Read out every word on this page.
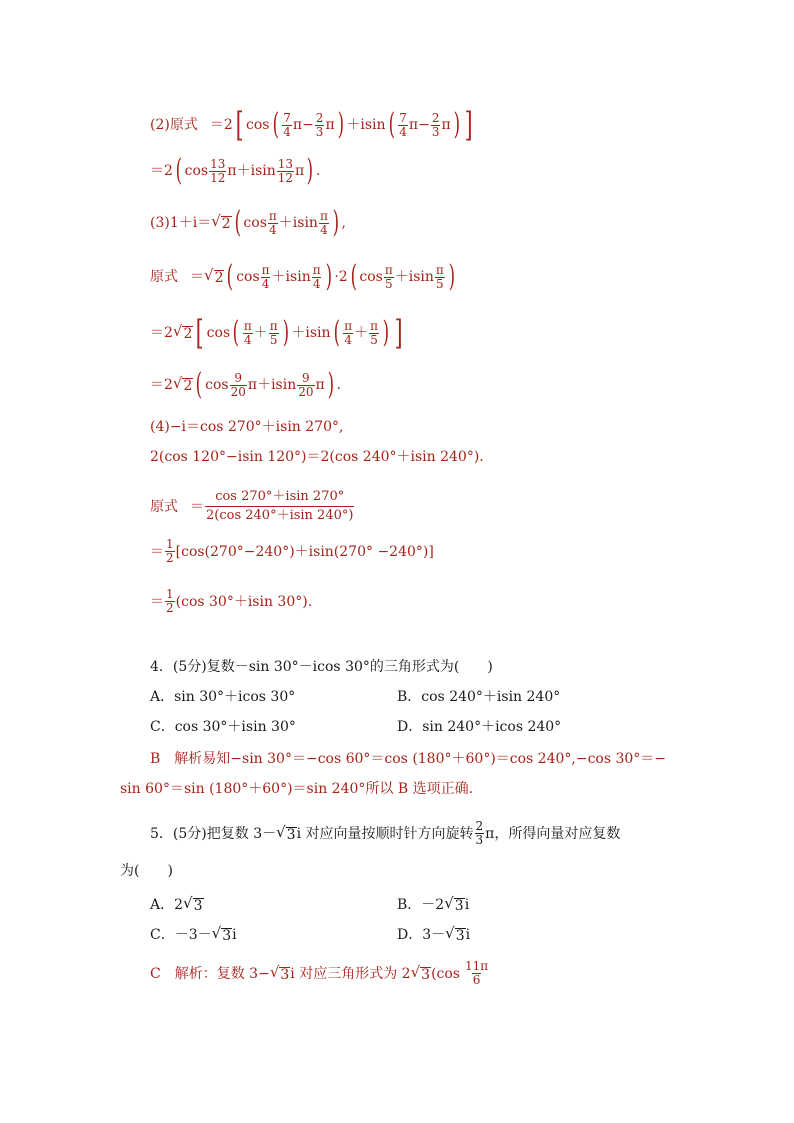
(2)原式 ＝2 [ cos ( $\frac{7}{4}$ $\pi - \frac{2}{3}$ π ) ＋isin ( $\frac{7}{4}$ $\pi - \frac{2}{3}$ π ) ]
＝2 ( $\cos \frac{13}{12} \pi+isin \frac{13}{12}$ π ) .
(3)1＋i＝ √ 2 ( $\cos \frac{\pi}{4} +isin \frac{\pi}{4}$ ) ,
原式 ＝ √ 2 ( $\cos \frac{\pi}{4} +isin \frac{\pi}{4}$ ) ·2 ( $\cos \frac{\pi}{5} +isin \frac{\pi}{5}$ )
＝2 √ 2 [ cos ( $\frac{\pi}{4} + \frac{\pi}{5}$ ) ＋isin ( $\frac{\pi}{4} + \frac{\pi}{5}$ ) ]
＝2 √ 2 ( $\cos \frac{9}{20} \pi+isin \frac{9}{20}$ π ) .
(4)−i＝cos 270°＋isin 270°,
2(cos 120°−isin 120°)＝2(cos 240°＋isin 240°).
原式 ＝ $\frac{\cos 270^\circ+isin 270^\circ}{2(\cos 240^\circ+isin 240^\circ)}$
＝ $\frac{1}{2} [\cos(270^\circ-240^\circ)+isin(270^\circ -240^\circ)]$
＝ $\frac{1}{2} (\cos$ 30°＋isin 30°).
4．(5分)复数－sin 30°－icos 30°的三角形式为(　　)
A．sin 30°＋icos 30°	B．cos 240°＋isin 240°
C．cos 30°＋isin 30°	D．sin 240°＋icos 240°
B　解析易知−sin 30°＝−cos 60°＝cos (180°＋60°)＝cos 240°,−cos 30°＝−
sin 60°＝sin (180°＋60°)＝sin 240°所以 B 选项正确.
5．(5分)把复数 3－ √ 3 i 对应向量按顺时针方向旋转 $\frac{2}{3}$ π，所得向量对应复数
为(　　)
A．2 √ 3	B．－2 √ 3 i
C．－3－ √ 3 i	D．3－ √ 3 i
C　解析：复数 3− √ 3 i 对应三角形式为 2 √ 3 ($\cos \frac{11\pi}{6}$
